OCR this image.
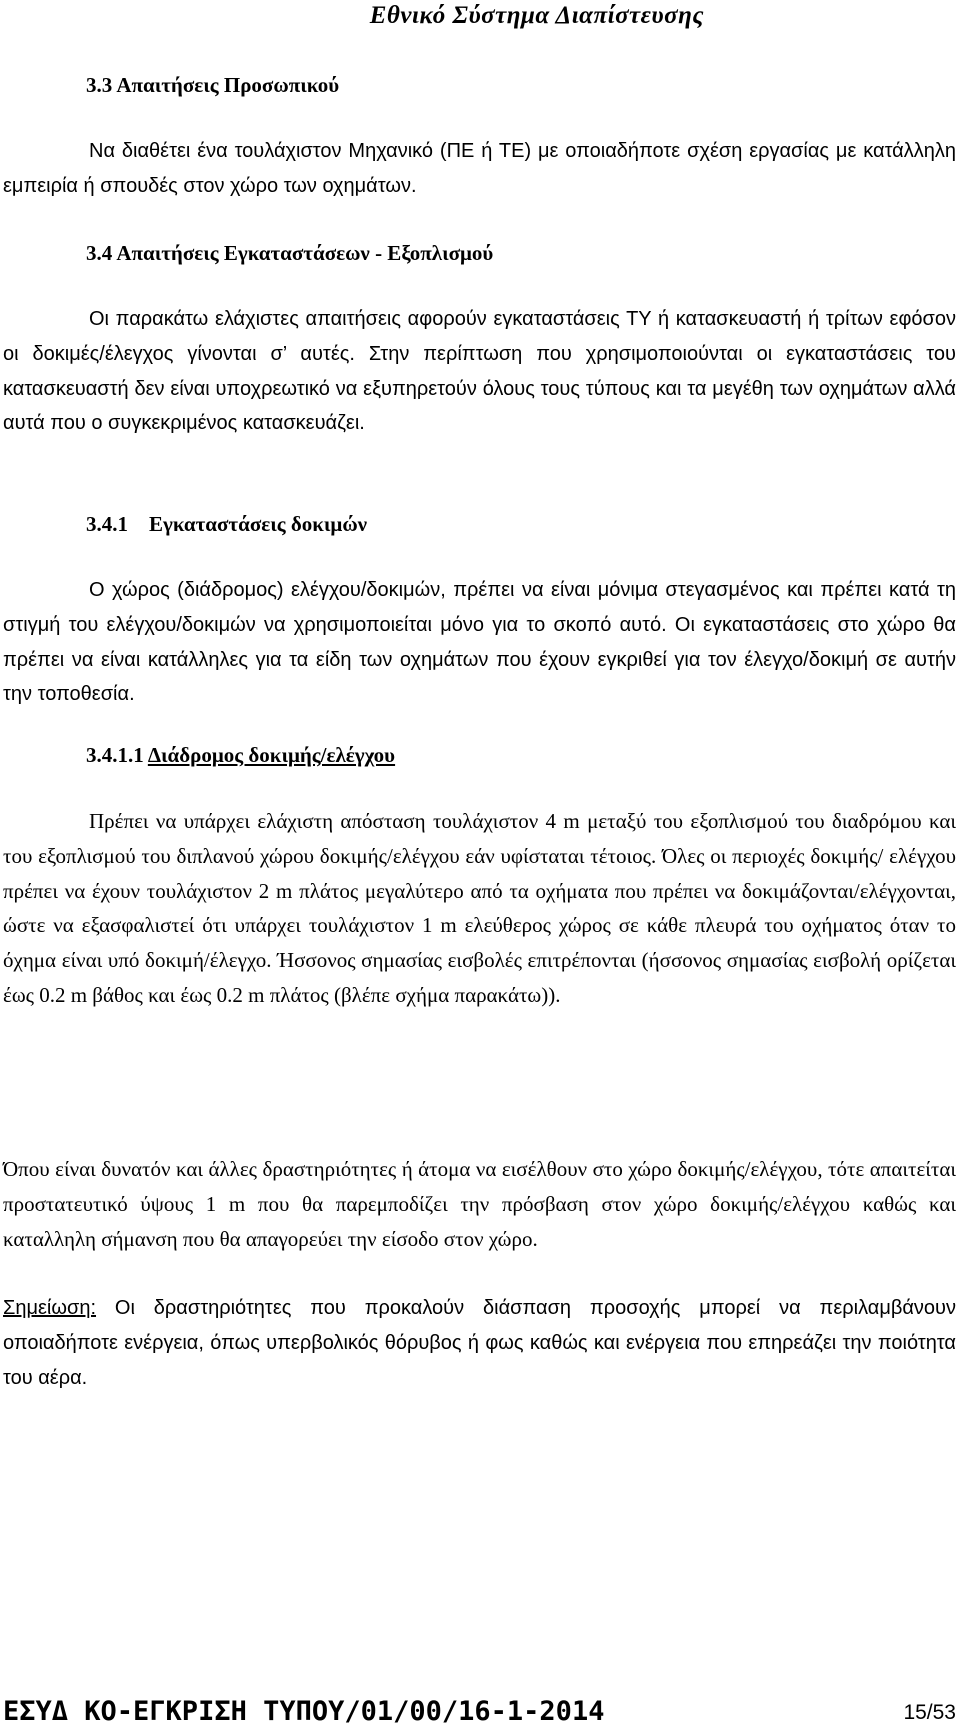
Εθνικό Σύστημα Διαπίστευσης
3.3 Απαιτήσεις Προσωπικού
Να διαθέτει ένα τουλάχιστον Μηχανικό (ΠΕ ή ΤΕ) με οποιαδήποτε σχέση εργασίας με κατάλληλη εμπειρία ή σπουδές στον χώρο των οχημάτων.
3.4 Απαιτήσεις Εγκαταστάσεων - Εξοπλισμού
Οι παρακάτω ελάχιστες απαιτήσεις αφορούν εγκαταστάσεις ΤΥ ή κατασκευαστή ή τρίτων εφόσον οι δοκιμές/έλεγχος γίνονται σ’ αυτές. Στην περίπτωση που χρησιμοποιούνται οι εγκαταστάσεις του κατασκευαστή δεν είναι υποχρεωτικό να εξυπηρετούν όλους τους τύπους και τα μεγέθη των οχημάτων αλλά αυτά που ο συγκεκριμένος κατασκευάζει.
3.4.1 Εγκαταστάσεις δοκιμών
Ο χώρος (διάδρομος) ελέγχου/δοκιμών, πρέπει να είναι μόνιμα στεγασμένος και πρέπει κατά τη στιγμή του ελέγχου/δοκιμών να χρησιμοποιείται μόνο για το σκοπό αυτό. Οι εγκαταστάσεις στο χώρο θα πρέπει να είναι κατάλληλες για τα είδη των οχημάτων που έχουν εγκριθεί για τον έλεγχο/δοκιμή σε αυτήν την τοποθεσία.
3.4.1.1 Διάδρομος δοκιμής/ελέγχου
Πρέπει να υπάρχει ελάχιστη απόσταση τουλάχιστον 4 m μεταξύ του εξοπλισμού του διαδρόμου και του εξοπλισμού του διπλανού χώρου δοκιμής/ελέγχου εάν υφίσταται τέτοιος. Όλες οι περιοχές δοκιμής/ ελέγχου πρέπει να έχουν τουλάχιστον 2 m πλάτος μεγαλύτερο από τα οχήματα που πρέπει να δοκιμάζονται/ελέγχονται, ώστε να εξασφαλιστεί ότι υπάρχει τουλάχιστον 1 m ελεύθερος χώρος σε κάθε πλευρά του οχήματος όταν το όχημα είναι υπό δοκιμή/έλεγχο. Ήσσονος σημασίας εισβολές επιτρέπονται (ήσσονος σημασίας εισβολή ορίζεται έως 0.2 m βάθος και έως 0.2 m πλάτος (βλέπε σχήμα παρακάτω)).
Όπου είναι δυνατόν και άλλες δραστηριότητες ή άτομα να εισέλθουν στο χώρο δοκιμής/ελέγχου, τότε απαιτείται προστατευτικό ύψους 1 m που θα παρεμποδίζει την πρόσβαση στον χώρο δοκιμής/ελέγχου καθώς και καταλληλη σήμανση που θα απαγορεύει την είσοδο στον χώρο.
Σημείωση: Οι δραστηριότητες που προκαλούν διάσπαση προσοχής μπορεί να περιλαμβάνουν οποιαδήποτε ενέργεια, όπως υπερβολικός θόρυβος ή φως καθώς και ενέργεια που επηρεάζει την ποιότητα του αέρα.
ΕΣΥΔ ΚΟ-ΕΓΚΡΙΣΗ ΤΥΠΟΥ/01/00/16-1-2014	15/53
